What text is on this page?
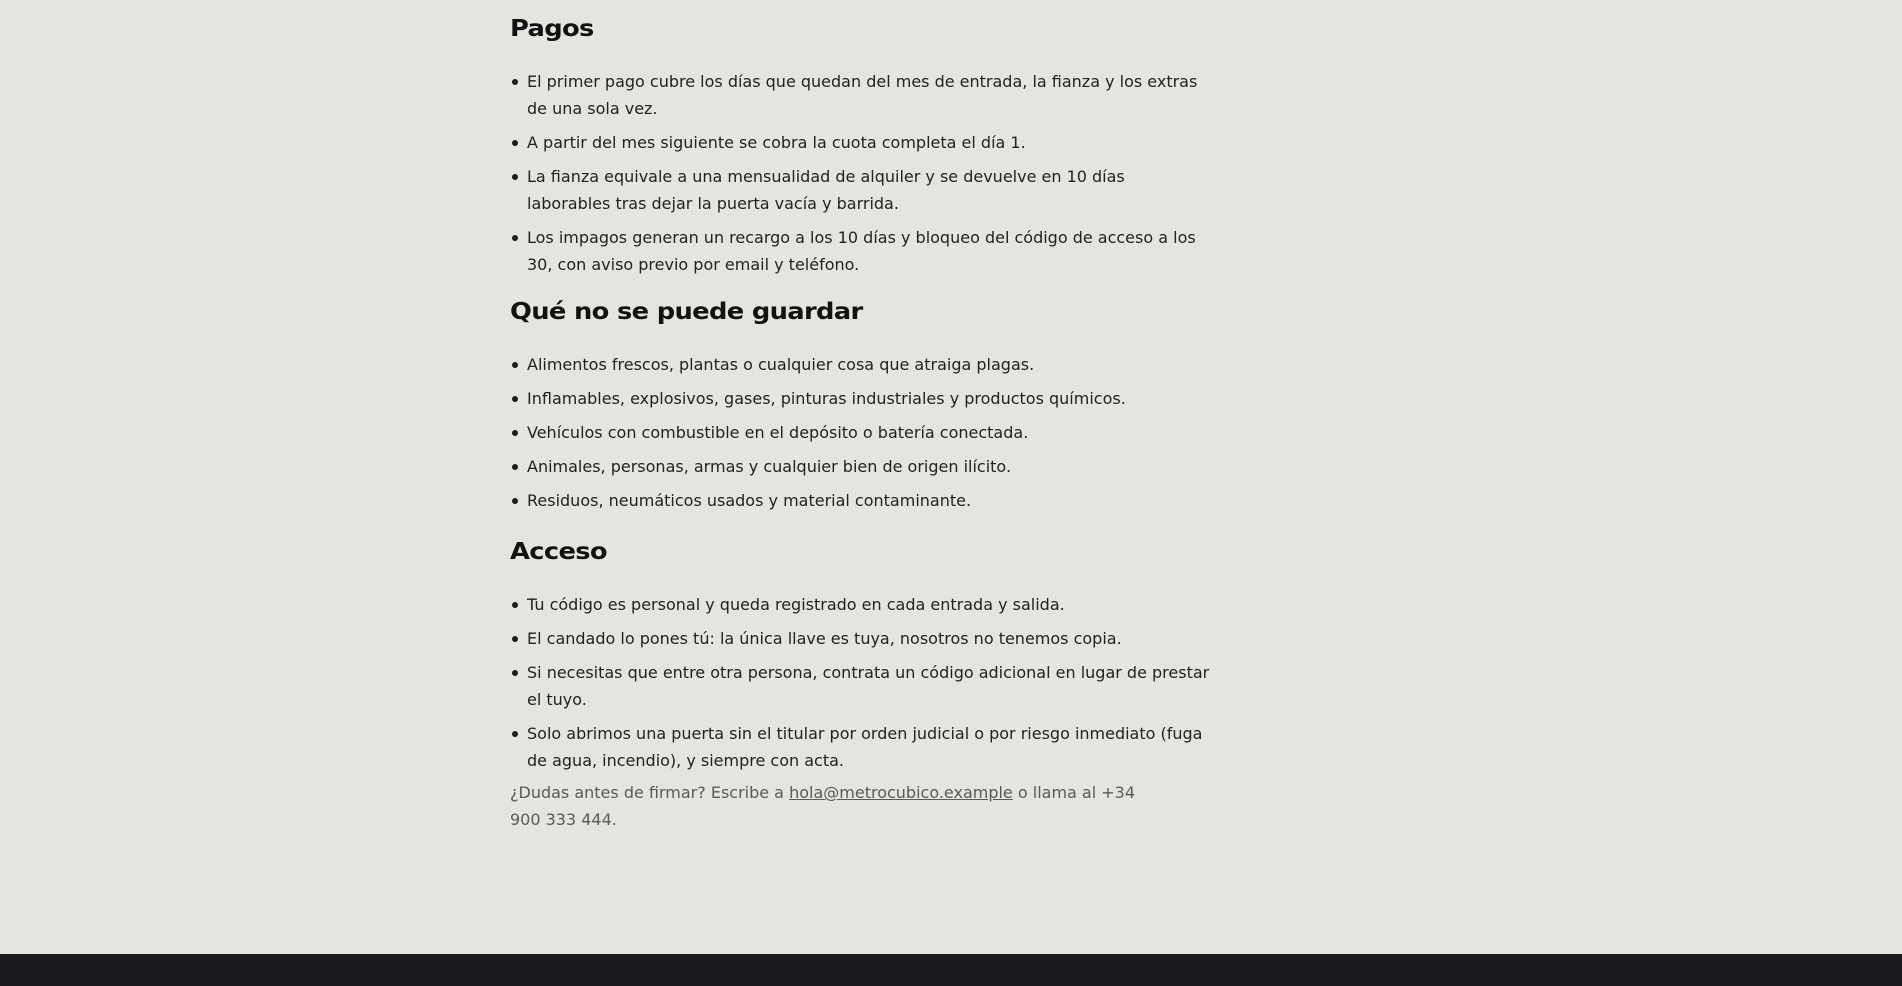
Pagos
El primer pago cubre los días que quedan del mes de entrada, la fianza y los extras de una sola vez.
A partir del mes siguiente se cobra la cuota completa el día 1.
La fianza equivale a una mensualidad de alquiler y se devuelve en 10 días laborables tras dejar la puerta vacía y barrida.
Los impagos generan un recargo a los 10 días y bloqueo del código de acceso a los 30, con aviso previo por email y teléfono.
Qué no se puede guardar
Alimentos frescos, plantas o cualquier cosa que atraiga plagas.
Inflamables, explosivos, gases, pinturas industriales y productos químicos.
Vehículos con combustible en el depósito o batería conectada.
Animales, personas, armas y cualquier bien de origen ilícito.
Residuos, neumáticos usados y material contaminante.
Acceso
Tu código es personal y queda registrado en cada entrada y salida.
El candado lo pones tú: la única llave es tuya, nosotros no tenemos copia.
Si necesitas que entre otra persona, contrata un código adicional en lugar de prestar el tuyo.
Solo abrimos una puerta sin el titular por orden judicial o por riesgo inmediato (fuga de agua, incendio), y siempre con acta.

¿Dudas antes de firmar? Escribe a hola@metrocubico.example o llama al +34 900 333 444.
